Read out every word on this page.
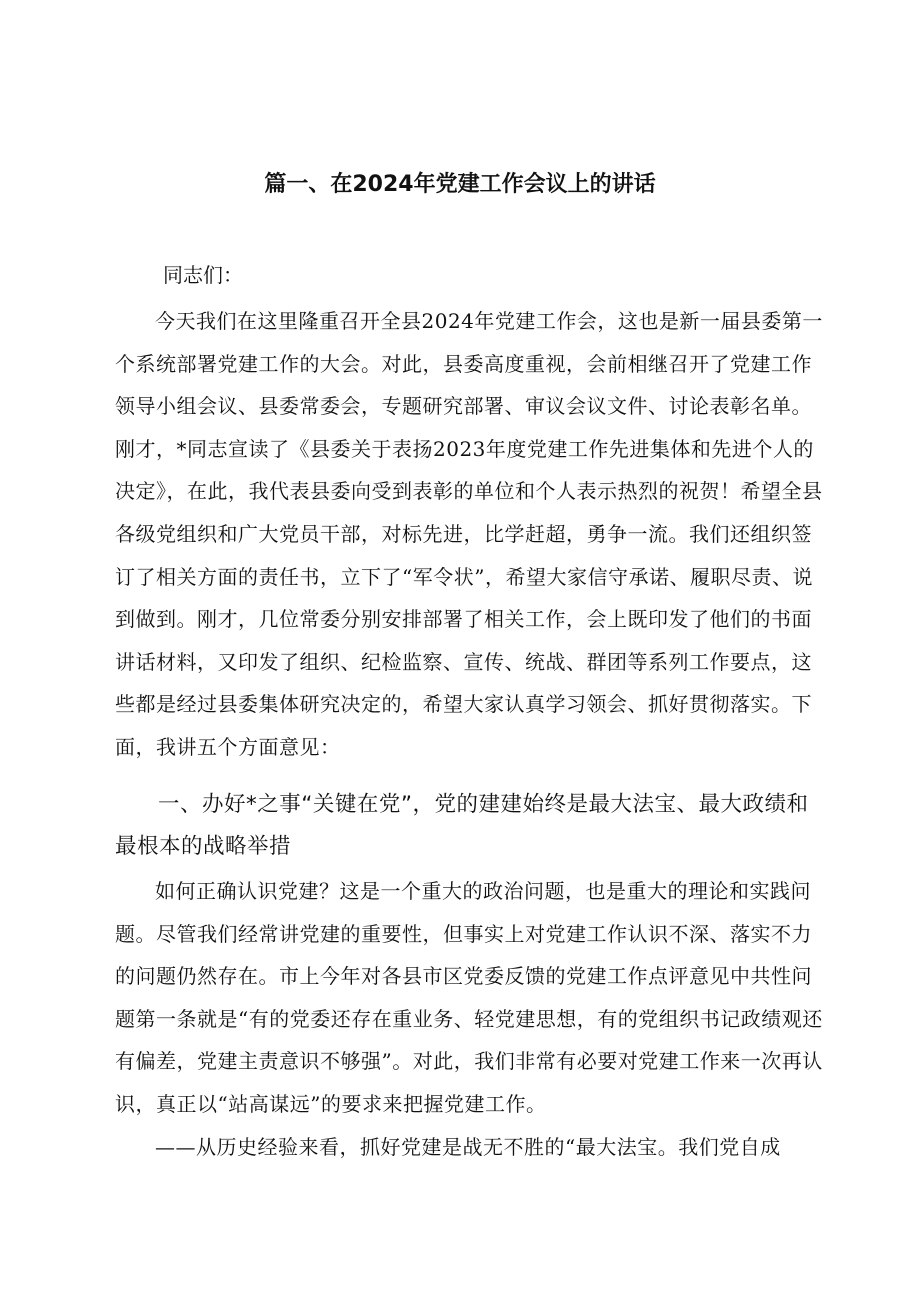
篇一、在2024年党建工作会议上的讲话
同志们：

今天我们在这里隆重召开全县2024年党建工作会，这也是新一届县委第一个系统部署党建工作的大会。对此，县委高度重视，会前相继召开了党建工作领导小组会议、县委常委会，专题研究部署、审议会议文件、讨论表彰名单。刚才，*同志宣读了《县委关于表扬2023年度党建工作先进集体和先进个人的决定》，在此，我代表县委向受到表彰的单位和个人表示热烈的祝贺！希望全县各级党组织和广大党员干部，对标先进，比学赶超，勇争一流。我们还组织签订了相关方面的责任书，立下了“军令状”，希望大家信守承诺、履职尽责、说到做到。刚才，几位常委分别安排部署了相关工作，会上既印发了他们的书面讲话材料，又印发了组织、纪检监察、宣传、统战、群团等系列工作要点，这些都是经过县委集体研究决定的，希望大家认真学习领会、抓好贯彻落实。下面，我讲五个方面意见：

一、办好*之事“关键在党”，党的建建始终是最大法宝、最大政绩和最根本的战略举措

如何正确认识党建？这是一个重大的政治问题，也是重大的理论和实践问题。尽管我们经常讲党建的重要性，但事实上对党建工作认识不深、落实不力的问题仍然存在。市上今年对各县市区党委反馈的党建工作点评意见中共性问题第一条就是“有的党委还存在重业务、轻党建思想，有的党组织书记政绩观还有偏差，党建主责意识不够强”。对此，我们非常有必要对党建工作来一次再认识，真正以“站高谋远”的要求来把握党建工作。

——从历史经验来看，抓好党建是战无不胜的“最大法宝。我们党自成
